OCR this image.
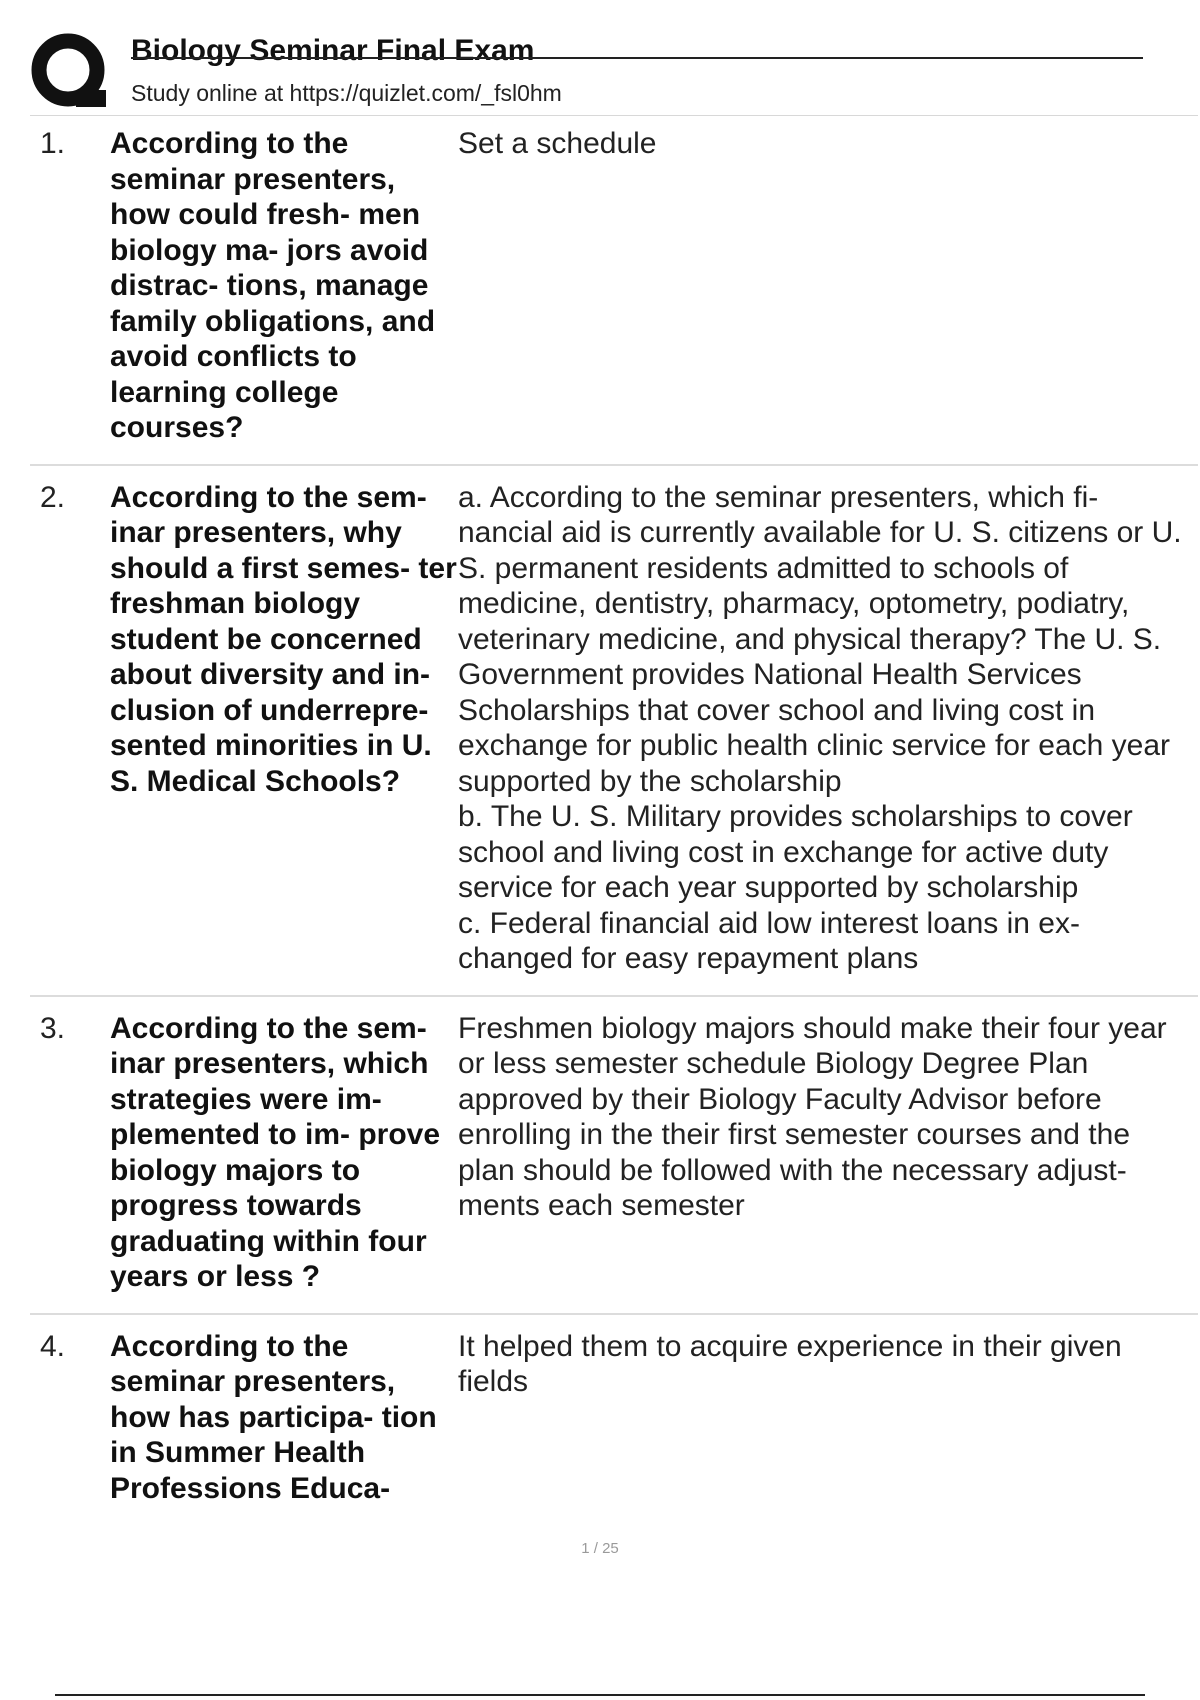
Biology Seminar Final Exam
Study online at https://quizlet.com/_fsl0hm
1.	According to the seminar presenters, how could fresh- men biology ma- jors avoid distrac- tions, manage family obligations, and avoid conflicts to learning college courses?
Set a schedule
2.	According to the sem- inar presenters, why should a first semes- ter freshman biology student be concerned about diversity and in- clusion of underrepre- sented minorities in U. S. Medical Schools?
a. According to the seminar presenters, which fi- nancial aid is currently available for U. S. citizens or U. S. permanent residents admitted to schools of medicine, dentistry, pharmacy, optometry, podiatry, veterinary medicine, and physical therapy? The U. S. Government provides National Health Services Scholarships that cover school and living cost in exchange for public health clinic service for each year supported by the scholarship
b. The U. S. Military provides scholarships to cover school and living cost in exchange for active duty service for each year supported by scholarship
c. Federal financial aid low interest loans in ex- changed for easy repayment plans
3.	According to the sem- inar presenters, which strategies were im- plemented to im- prove biology majors to progress towards graduating within four years or less ?
Freshmen biology majors should make their four year or less semester schedule Biology Degree Plan approved by their Biology Faculty Advisor before enrolling in the their first semester courses and the plan should be followed with the necessary adjust- ments each semester
4.	According to the seminar presenters, how has participa- tion in Summer Health Professions Educa-
It helped them to acquire experience in their given fields
1 / 25
